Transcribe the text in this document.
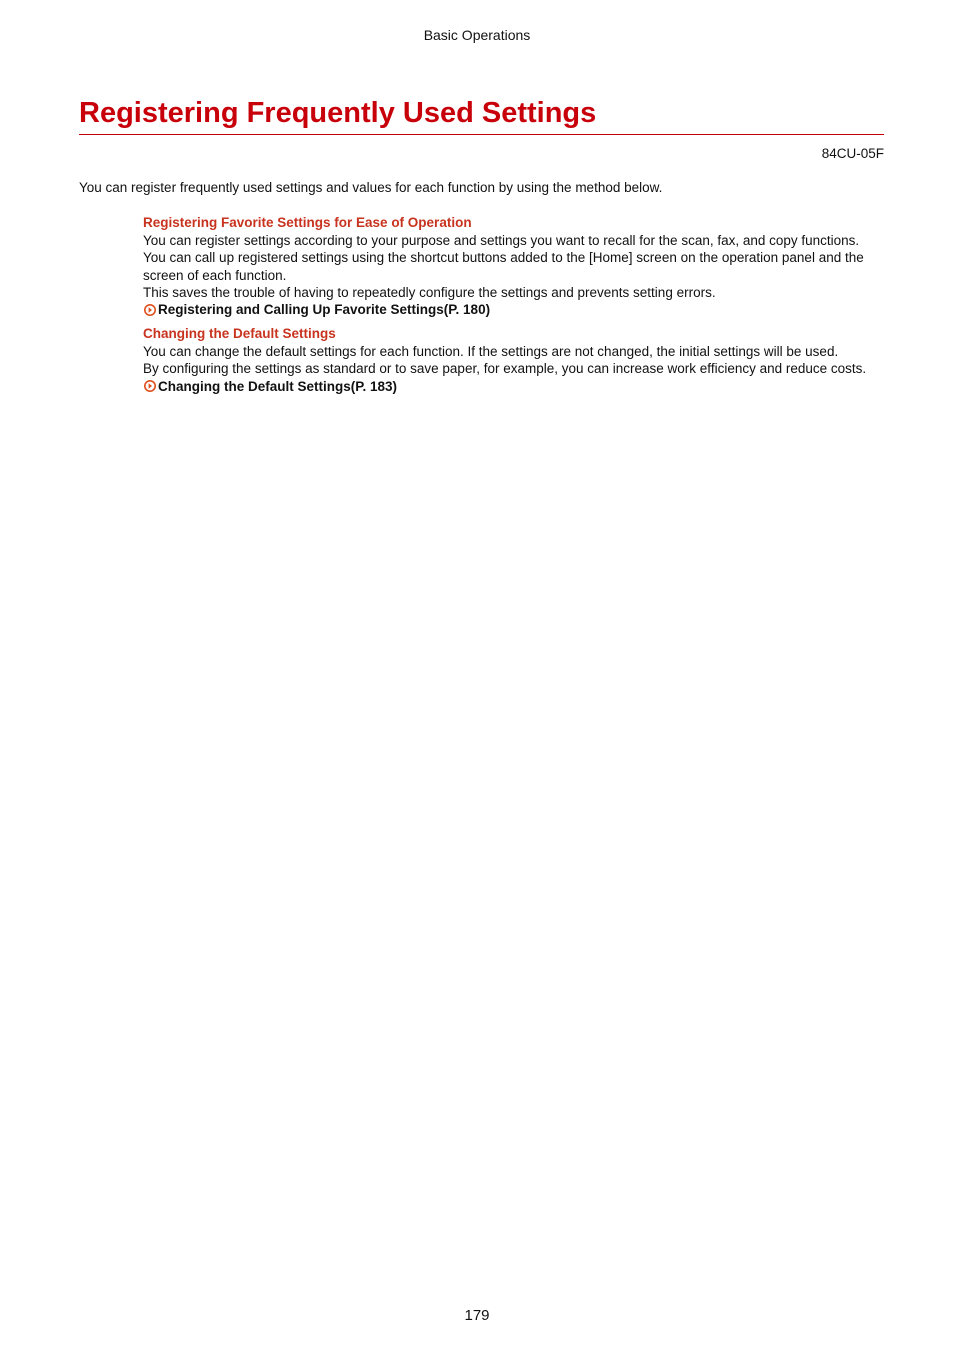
Basic Operations
Registering Frequently Used Settings
84CU-05F

You can register frequently used settings and values for each function by using the method below.

Registering Favorite Settings for Ease of Operation

You can register settings according to your purpose and settings you want to recall for the scan, fax, and copy functions. You can call up registered settings using the shortcut buttons added to the [Home] screen on the operation panel and the screen of each function.

This saves the trouble of having to repeatedly configure the settings and prevents setting errors.

Registering and Calling Up Favorite Settings(P. 180)
Changing the Default Settings

You can change the default settings for each function. If the settings are not changed, the initial settings will be used.

By configuring the settings as standard or to save paper, for example, you can increase work efficiency and reduce costs.

Changing the Default Settings(P. 183)
179
